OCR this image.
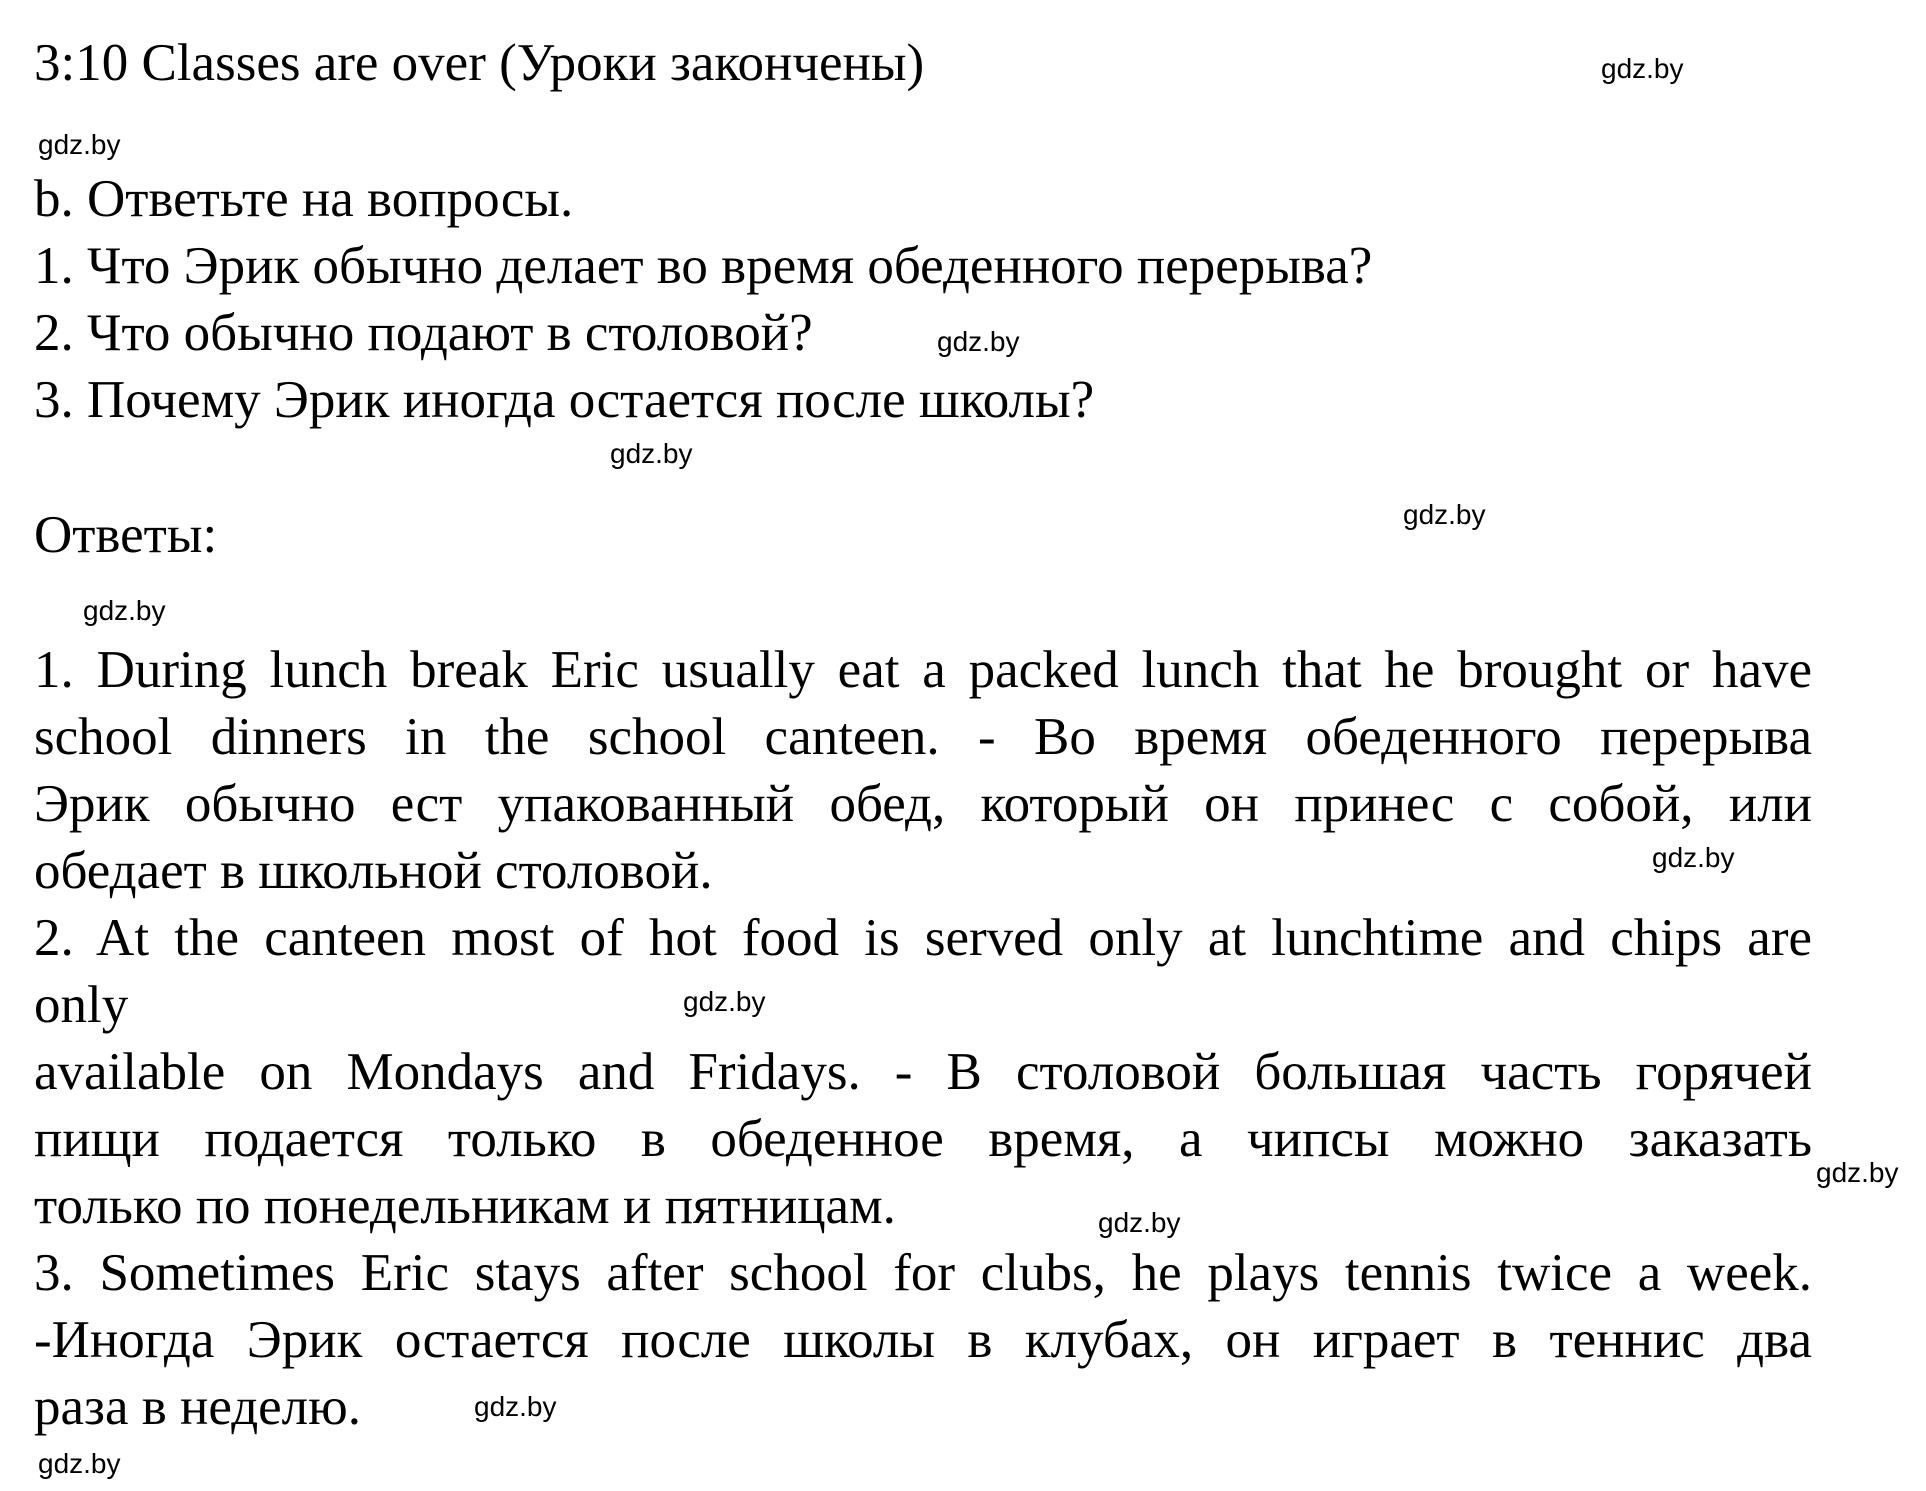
3:10 Classes are over (Уроки закончены)
b. Ответьте на вопросы.
1. Что Эрик обычно делает во время обеденного перерыва?
2. Что обычно подают в столовой?
3. Почему Эрик иногда остается после школы?
Ответы:
1. During lunch break Eric usually eat a packed lunch that he brought or have
school dinners in the school canteen. - Во время обеденного перерыва
Эрик обычно ест упакованный обед, который он принес с собой, или
обедает в школьной столовой.
2. At the canteen most of hot food is served only at lunchtime and chips are
only
available on Mondays and Fridays. - В столовой большая часть горячей
пищи подается только в обеденное время, а чипсы можно заказать
только по понедельникам и пятницам.
3. Sometimes Eric stays after school for clubs, he plays tennis twice a week.
-Иногда Эрик остается после школы в клубах, он играет в теннис два
раза в неделю.
gdz.by
gdz.by
gdz.by
gdz.by
gdz.by
gdz.by
gdz.by
gdz.by
gdz.by
gdz.by
gdz.by
gdz.by
